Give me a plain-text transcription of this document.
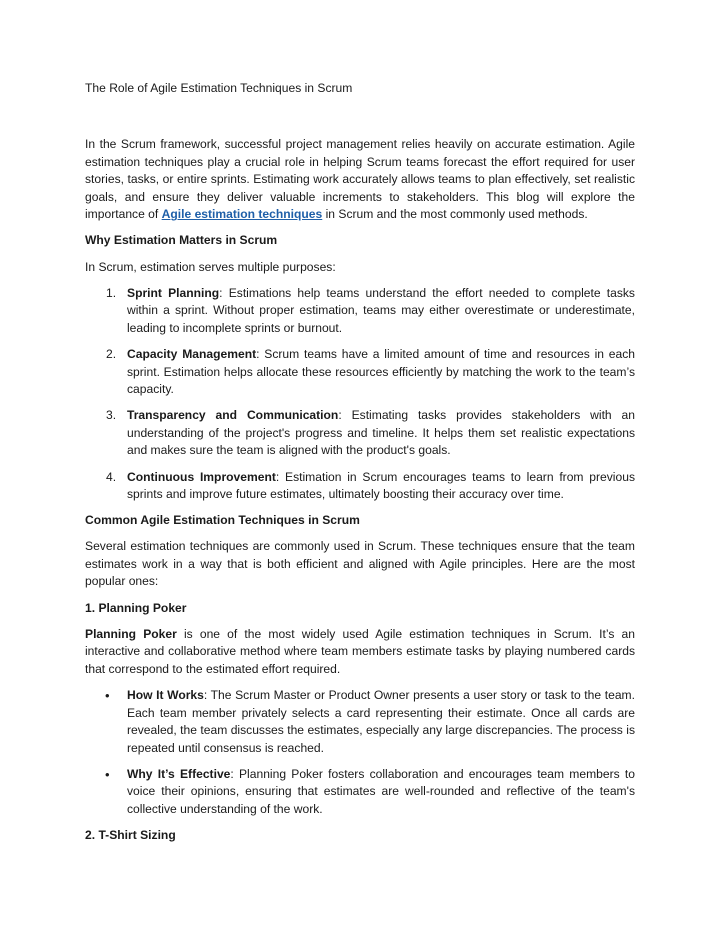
The Role of Agile Estimation Techniques in Scrum

In the Scrum framework, successful project management relies heavily on accurate estimation. Agile estimation techniques play a crucial role in helping Scrum teams forecast the effort required for user stories, tasks, or entire sprints. Estimating work accurately allows teams to plan effectively, set realistic goals, and ensure they deliver valuable increments to stakeholders. This blog will explore the importance of Agile estimation techniques in Scrum and the most commonly used methods.

Why Estimation Matters in Scrum

In Scrum, estimation serves multiple purposes:

1. Sprint Planning: Estimations help teams understand the effort needed to complete tasks within a sprint. Without proper estimation, teams may either overestimate or underestimate, leading to incomplete sprints or burnout.
2. Capacity Management: Scrum teams have a limited amount of time and resources in each sprint. Estimation helps allocate these resources efficiently by matching the work to the team’s capacity.
3. Transparency and Communication: Estimating tasks provides stakeholders with an understanding of the project's progress and timeline. It helps them set realistic expectations and makes sure the team is aligned with the product's goals.
4. Continuous Improvement: Estimation in Scrum encourages teams to learn from previous sprints and improve future estimates, ultimately boosting their accuracy over time.

Common Agile Estimation Techniques in Scrum

Several estimation techniques are commonly used in Scrum. These techniques ensure that the team estimates work in a way that is both efficient and aligned with Agile principles. Here are the most popular ones:

1. Planning Poker

Planning Poker is one of the most widely used Agile estimation techniques in Scrum. It’s an interactive and collaborative method where team members estimate tasks by playing numbered cards that correspond to the estimated effort required.

• How It Works: The Scrum Master or Product Owner presents a user story or task to the team. Each team member privately selects a card representing their estimate. Once all cards are revealed, the team discusses the estimates, especially any large discrepancies. The process is repeated until consensus is reached.
• Why It’s Effective: Planning Poker fosters collaboration and encourages team members to voice their opinions, ensuring that estimates are well-rounded and reflective of the team's collective understanding of the work.

2. T-Shirt Sizing
